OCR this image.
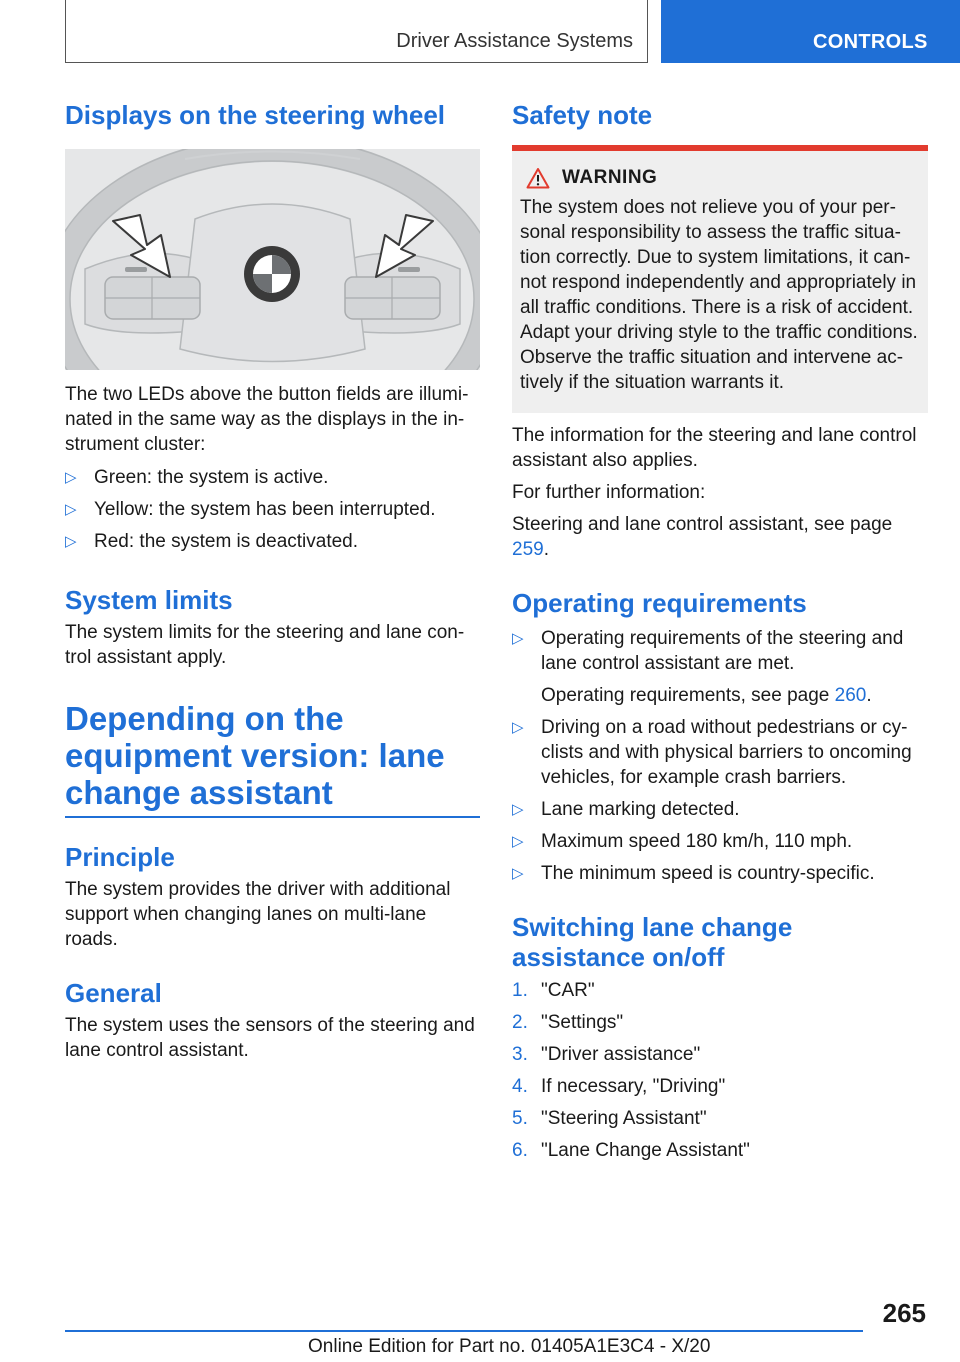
Driver Assistance Systems	CONTROLS
Displays on the steering wheel

The two LEDs above the button fields are illuminated in the same way as the displays in the instrument cluster:

▷ Green: the system is active.
▷ Yellow: the system has been interrupted.
▷ Red: the system is deactivated.
System limits

The system limits for the steering and lane control assistant apply.

Depending on the equipment version: lane change assistant
Principle

The system provides the driver with additional support when changing lanes on multi-lane roads.

General

The system uses the sensors of the steering and lane control assistant.

Safety note
WARNING

The system does not relieve you of your personal responsibility to assess the traffic situation correctly. Due to system limitations, it cannot respond independently and appropriately in all traffic conditions. There is a risk of accident. Adapt your driving style to the traffic conditions. Observe the traffic situation and intervene actively if the situation warrants it.

The information for the steering and lane control assistant also applies.

For further information:

Steering and lane control assistant, see page 259.

Operating requirements
▷ Operating requirements of the steering and lane control assistant are met.
Operating requirements, see page 260.
▷ Driving on a road without pedestrians or cyclists and with physical barriers to oncoming vehicles, for example crash barriers.
▷ Lane marking detected.
▷ Maximum speed 180 km/h, 110 mph.
▷ The minimum speed is country-specific.
Switching lane change assistance on/off
1. "CAR"
2. "Settings"
3. "Driver assistance"
4. If necessary, "Driving"
5. "Steering Assistant"
6. "Lane Change Assistant"
265
Online Edition for Part no. 01405A1E3C4 - X/20
